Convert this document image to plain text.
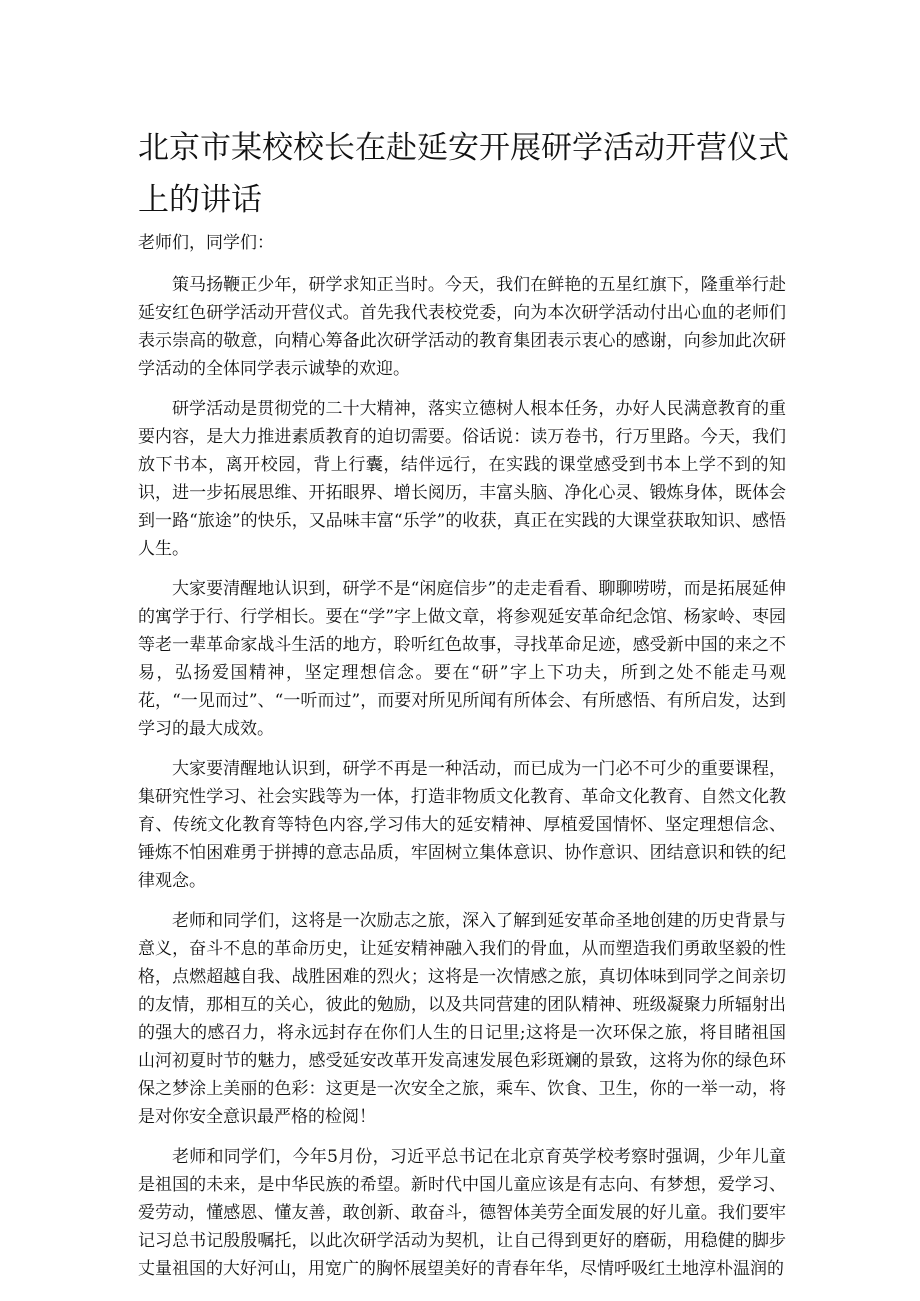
北京市某校校长在赴延安开展研学活动开营仪式上的讲话

老师们，同学们：

策马扬鞭正少年，研学求知正当时。今天，我们在鲜艳的五星红旗下，隆重举行赴延安红色研学活动开营仪式。首先我代表校党委，向为本次研学活动付出心血的老师们表示崇高的敬意，向精心筹备此次研学活动的教育集团表示衷心的感谢，向参加此次研学活动的全体同学表示诚挚的欢迎。

研学活动是贯彻党的二十大精神，落实立德树人根本任务，办好人民满意教育的重要内容，是大力推进素质教育的迫切需要。俗话说：读万卷书，行万里路。今天，我们放下书本，离开校园，背上行囊，结伴远行，在实践的课堂感受到书本上学不到的知识，进一步拓展思维、开拓眼界、增长阅历，丰富头脑、净化心灵、锻炼身体，既体会到一路“旅途”的快乐，又品味丰富“乐学”的收获，真正在实践的大课堂获取知识、感悟人生。

大家要清醒地认识到，研学不是“闲庭信步”的走走看看、聊聊唠唠，而是拓展延伸的寓学于行、行学相长。要在“学”字上做文章，将参观延安革命纪念馆、杨家岭、枣园等老一辈革命家战斗生活的地方，聆听红色故事，寻找革命足迹，感受新中国的来之不易，弘扬爱国精神，坚定理想信念。要在“研”字上下功夫，所到之处不能走马观花，“一见而过”、“一听而过”，而要对所见所闻有所体会、有所感悟、有所启发，达到学习的最大成效。

大家要清醒地认识到，研学不再是一种活动，而已成为一门必不可少的重要课程，集研究性学习、社会实践等为一体，打造非物质文化教育、革命文化教育、自然文化教育、传统文化教育等特色内容,学习伟大的延安精神、厚植爱国情怀、坚定理想信念、锤炼不怕困难勇于拼搏的意志品质，牢固树立集体意识、协作意识、团结意识和铁的纪律观念。

老师和同学们，这将是一次励志之旅，深入了解到延安革命圣地创建的历史背景与意义，奋斗不息的革命历史，让延安精神融入我们的骨血，从而塑造我们勇敢坚毅的性格，点燃超越自我、战胜困难的烈火；这将是一次情感之旅，真切体味到同学之间亲切的友情，那相互的关心，彼此的勉励，以及共同营建的团队精神、班级凝聚力所辐射出的强大的感召力，将永远封存在你们人生的日记里;这将是一次环保之旅，将目睹祖国山河初夏时节的魅力，感受延安改革开发高速发展色彩斑斓的景致，这将为你的绿色环保之梦涂上美丽的色彩：这更是一次安全之旅，乘车、饮食、卫生，你的一举一动，将是对你安全意识最严格的检阅！

老师和同学们，今年5月份，习近平总书记在北京育英学校考察时强调，少年儿童是祖国的未来，是中华民族的希望。新时代中国儿童应该是有志向、有梦想，爱学习、爱劳动，懂感恩、懂友善，敢创新、敢奋斗，德智体美劳全面发展的好儿童。我们要牢记习总书记殷殷嘱托，以此次研学活动为契机，让自己得到更好的磨砺，用稳健的脚步丈量祖国的大好河山，用宽广的胸怀展望美好的青春年华，尽情呼吸红土地淳朴温润的
